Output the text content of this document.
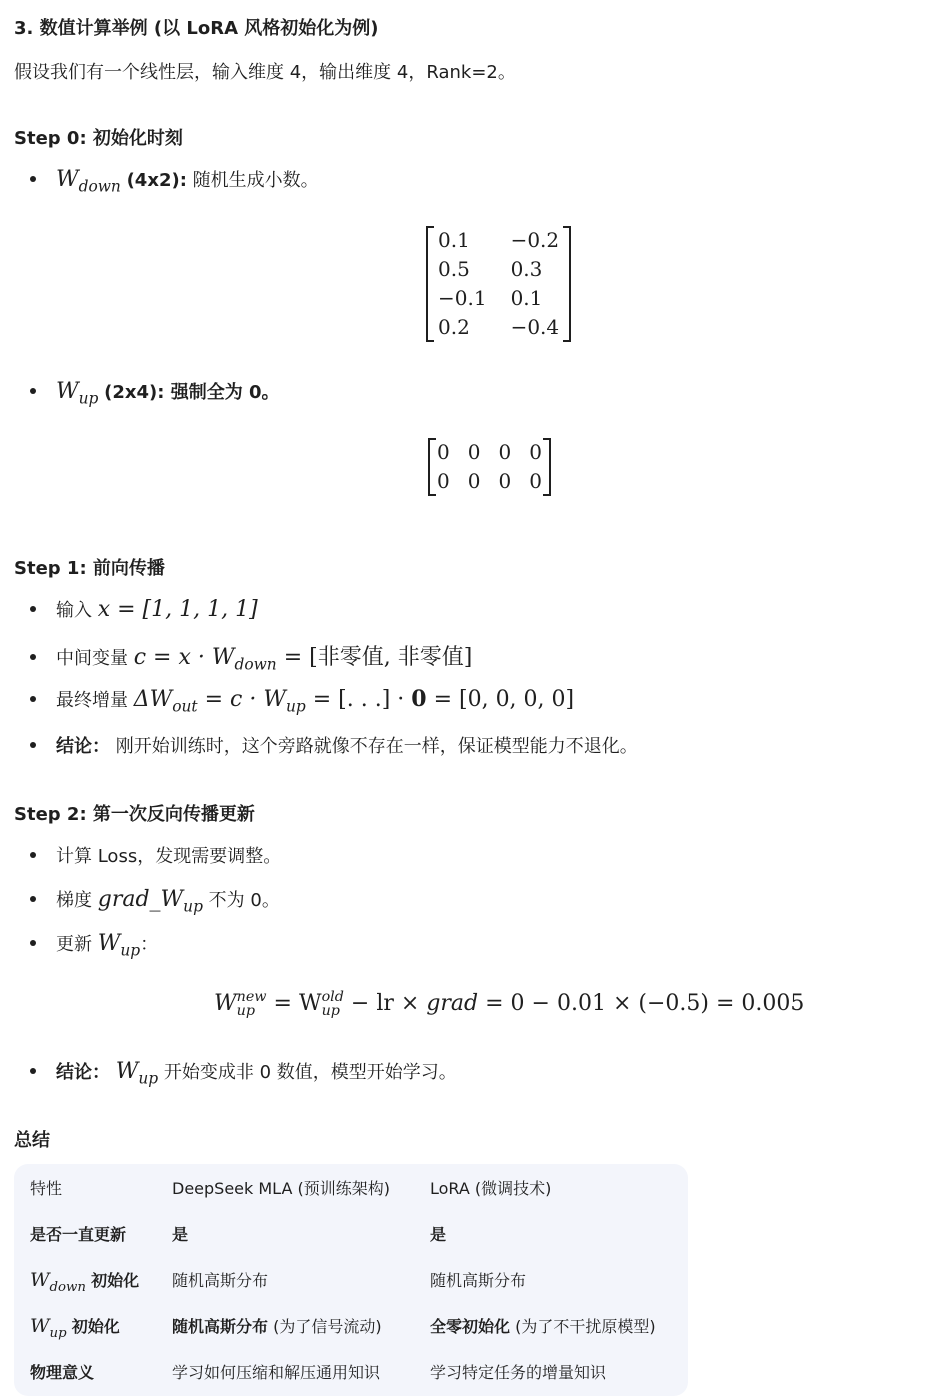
3. 数值计算举例 (以 LoRA 风格初始化为例)
假设我们有一个线性层，输入维度 4，输出维度 4，Rank=2。
Step 0: 初始化时刻
$W_{down}$ (4x2): 随机生成小数。
0.1	−0.2
0.5	0.3
−0.1	0.1
0.2	−0.4
$W_{up}$ (2x4): 强制全为 0。
0	0	0	0
0	0	0	0
Step 1: 前向传播
输入 x = [1, 1, 1, 1]
中间变量 $c = x \cdot W_{down}$ = [非零值, 非零值]
最终增量 $\Delta W_{out} = c \cdot W_{up}$ = [. . .] · 0 = [0, 0, 0, 0]
结论： 刚开始训练时，这个旁路就像不存在一样，保证模型能力不退化。
Step 2: 第一次反向传播更新
计算 Loss，发现需要调整。
梯度 $grad\_W_{up}$ 不为 0。
更新 $W_{up}$：
W new
up = W old
up − lr × grad = 0 − 0.01 × (−0.5) = 0.005
结论： $W_{up}$ 开始变成非 0 数值，模型开始学习。
总结
特性	DeepSeek MLA (预训练架构)	LoRA (微调技术)
是否一直更新	是	是
$W_{down}$ 初始化	随机高斯分布	随机高斯分布
$W_{up}$ 初始化	随机高斯分布 (为了信号流动)	全零初始化 (为了不干扰原模型)
物理意义	学习如何压缩和解压通用知识	学习特定任务的增量知识
